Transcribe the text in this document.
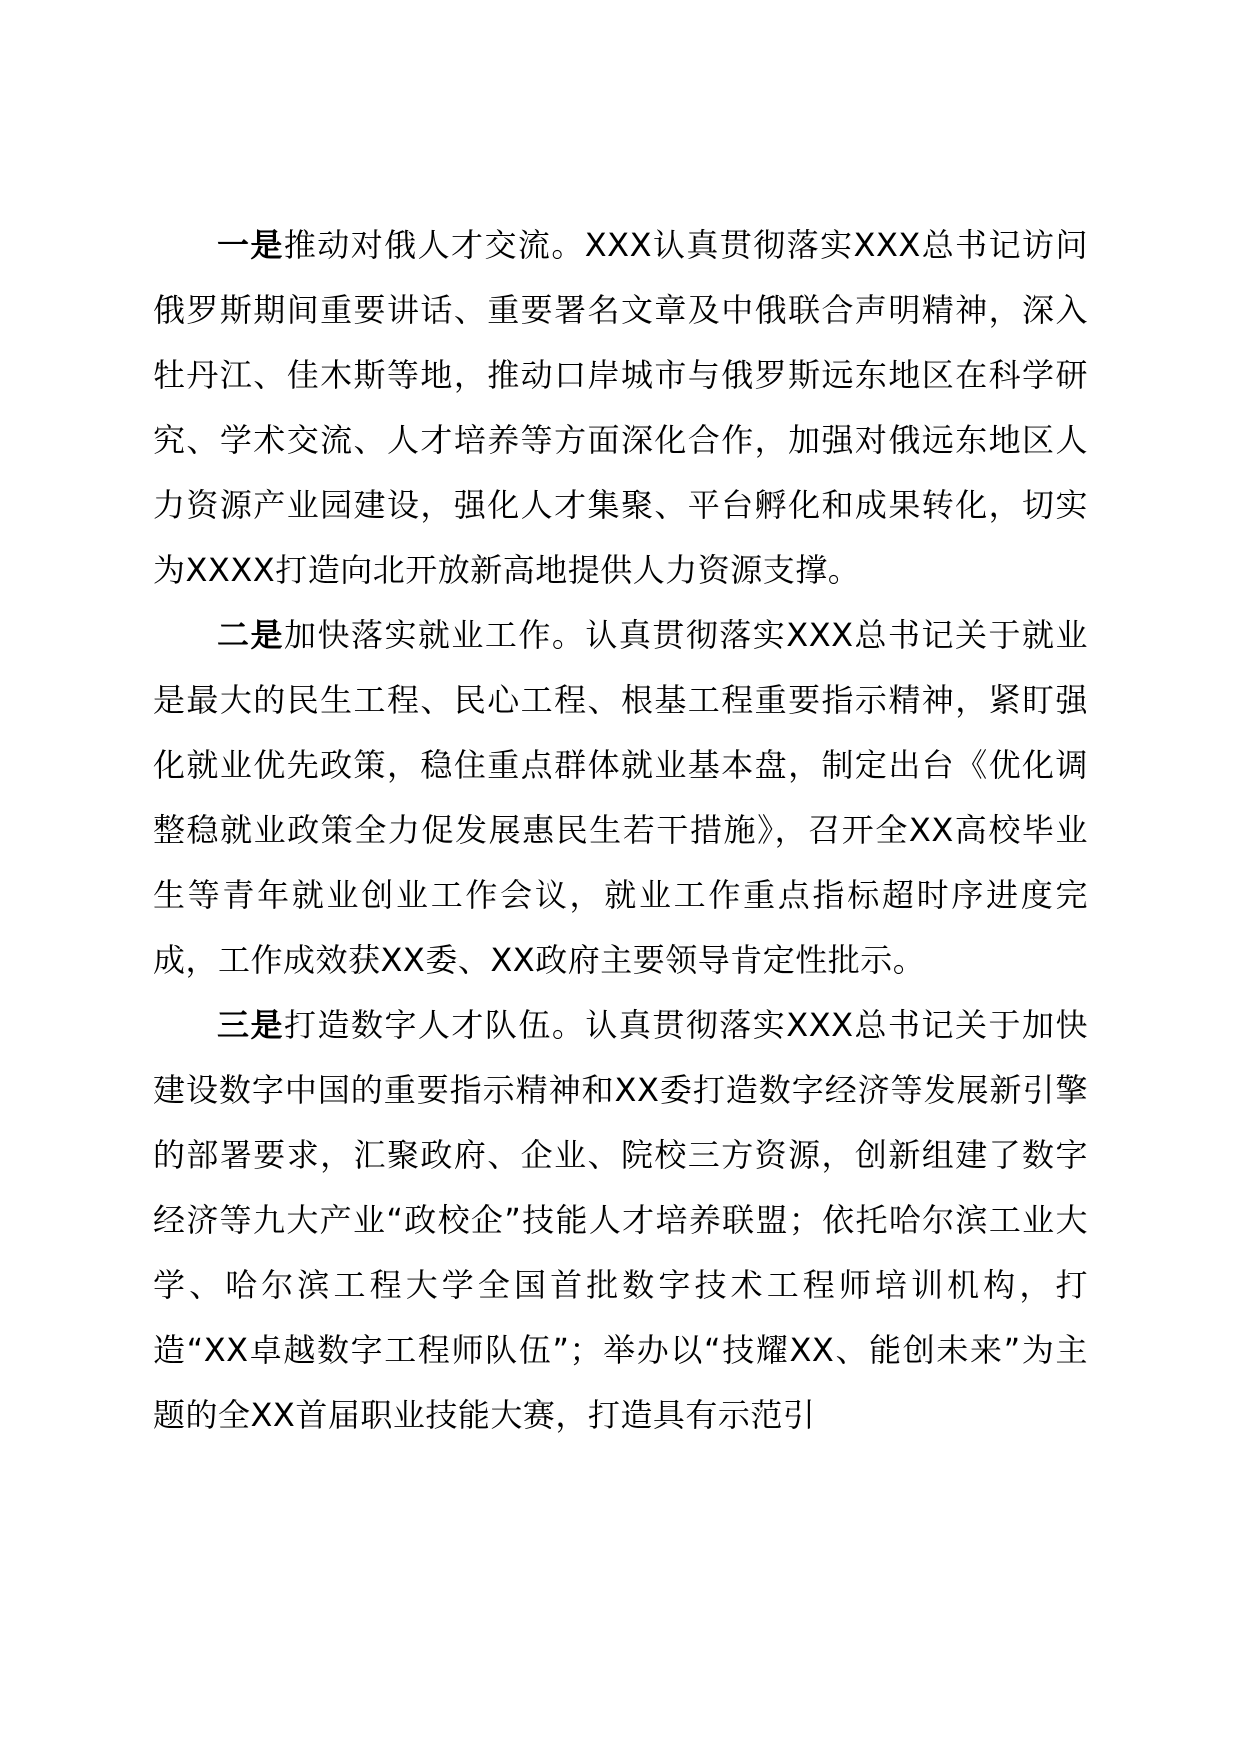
一是推动对俄人才交流。XXX认真贯彻落实XXX总书记访问俄罗斯期间重要讲话、重要署名文章及中俄联合声明精神，深入牡丹江、佳木斯等地，推动口岸城市与俄罗斯远东地区在科学研究、学术交流、人才培养等方面深化合作，加强对俄远东地区人力资源产业园建设，强化人才集聚、平台孵化和成果转化，切实为XXXX打造向北开放新高地提供人力资源支撑。

二是加快落实就业工作。认真贯彻落实XXX总书记关于就业是最大的民生工程、民心工程、根基工程重要指示精神，紧盯强化就业优先政策，稳住重点群体就业基本盘，制定出台《优化调整稳就业政策全力促发展惠民生若干措施》，召开全XX高校毕业生等青年就业创业工作会议，就业工作重点指标超时序进度完成，工作成效获XX委、XX政府主要领导肯定性批示。

三是打造数字人才队伍。认真贯彻落实XXX总书记关于加快建设数字中国的重要指示精神和XX委打造数字经济等发展新引擎的部署要求，汇聚政府、企业、院校三方资源，创新组建了数字经济等九大产业“政校企”技能人才培养联盟；依托哈尔滨工业大学、哈尔滨工程大学全国首批数字技术工程师培训机构，打造“XX卓越数字工程师队伍”；举办以“技耀XX、能创未来”为主题的全XX首届职业技能大赛，打造具有示范引
